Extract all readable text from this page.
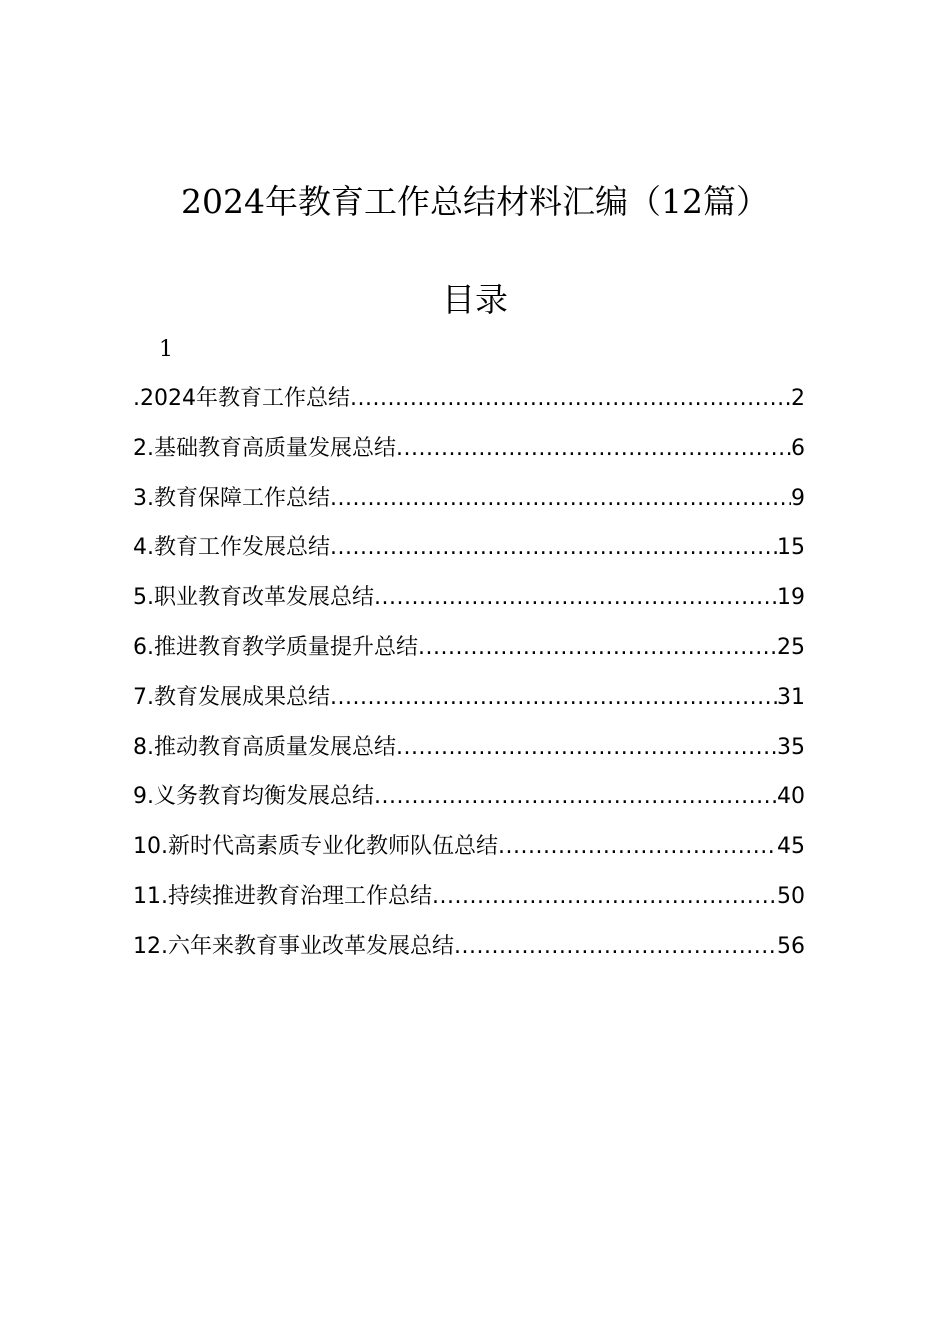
2024年教育工作总结材料汇编（12篇）
目录
1
.2024年教育工作总结 .....	2
2.基础教育高质量发展总结 .....	6
3.教育保障工作总结 .....	9
4.教育工作发展总结 .....	15
5.职业教育改革发展总结 .....	19
6.推进教育教学质量提升总结 .....	25
7.教育发展成果总结 .....	31
8.推动教育高质量发展总结 .....	35
9.义务教育均衡发展总结 .....	40
10.新时代高素质专业化教师队伍总结 .....	45
11.持续推进教育治理工作总结 .....	50
12.六年来教育事业改革发展总结 .....	56
